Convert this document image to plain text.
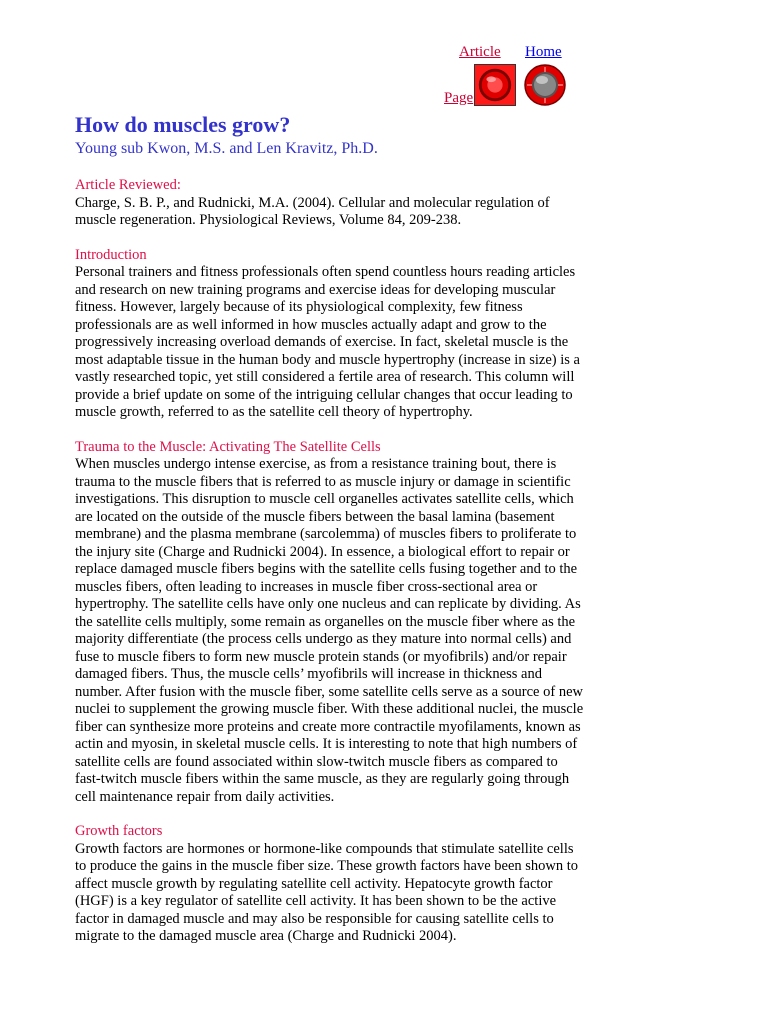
Article Home
Page
How do muscles grow?
Young sub Kwon, M.S. and Len Kravitz, Ph.D.
Article Reviewed:

Charge, S. B. P., and Rudnicki, M.A. (2004). Cellular and molecular regulation of muscle regeneration. Physiological Reviews, Volume 84, 209-238.

Introduction

Personal trainers and fitness professionals often spend countless hours reading articles and research on new training programs and exercise ideas for developing muscular fitness. However, largely because of its physiological complexity, few fitness professionals are as well informed in how muscles actually adapt and grow to the progressively increasing overload demands of exercise. In fact, skeletal muscle is the most adaptable tissue in the human body and muscle hypertrophy (increase in size) is a vastly researched topic, yet still considered a fertile area of research. This column will provide a brief update on some of the intriguing cellular changes that occur leading to muscle growth, referred to as the satellite cell theory of hypertrophy.

Trauma to the Muscle: Activating The Satellite Cells

When muscles undergo intense exercise, as from a resistance training bout, there is trauma to the muscle fibers that is referred to as muscle injury or damage in scientific investigations. This disruption to muscle cell organelles activates satellite cells, which are located on the outside of the muscle fibers between the basal lamina (basement membrane) and the plasma membrane (sarcolemma) of muscles fibers to proliferate to the injury site (Charge and Rudnicki 2004). In essence, a biological effort to repair or replace damaged muscle fibers begins with the satellite cells fusing together and to the muscles fibers, often leading to increases in muscle fiber cross-sectional area or hypertrophy. The satellite cells have only one nucleus and can replicate by dividing. As the satellite cells multiply, some remain as organelles on the muscle fiber where as the majority differentiate (the process cells undergo as they mature into normal cells) and fuse to muscle fibers to form new muscle protein stands (or myofibrils) and/or repair damaged fibers. Thus, the muscle cells’ myofibrils will increase in thickness and number. After fusion with the muscle fiber, some satellite cells serve as a source of new nuclei to supplement the growing muscle fiber. With these additional nuclei, the muscle fiber can synthesize more proteins and create more contractile myofilaments, known as actin and myosin, in skeletal muscle cells. It is interesting to note that high numbers of satellite cells are found associated within slow-twitch muscle fibers as compared to fast-twitch muscle fibers within the same muscle, as they are regularly going through cell maintenance repair from daily activities.

Growth factors

Growth factors are hormones or hormone-like compounds that stimulate satellite cells to produce the gains in the muscle fiber size. These growth factors have been shown to affect muscle growth by regulating satellite cell activity. Hepatocyte growth factor (HGF) is a key regulator of satellite cell activity. It has been shown to be the active factor in damaged muscle and may also be responsible for causing satellite cells to migrate to the damaged muscle area (Charge and Rudnicki 2004).
